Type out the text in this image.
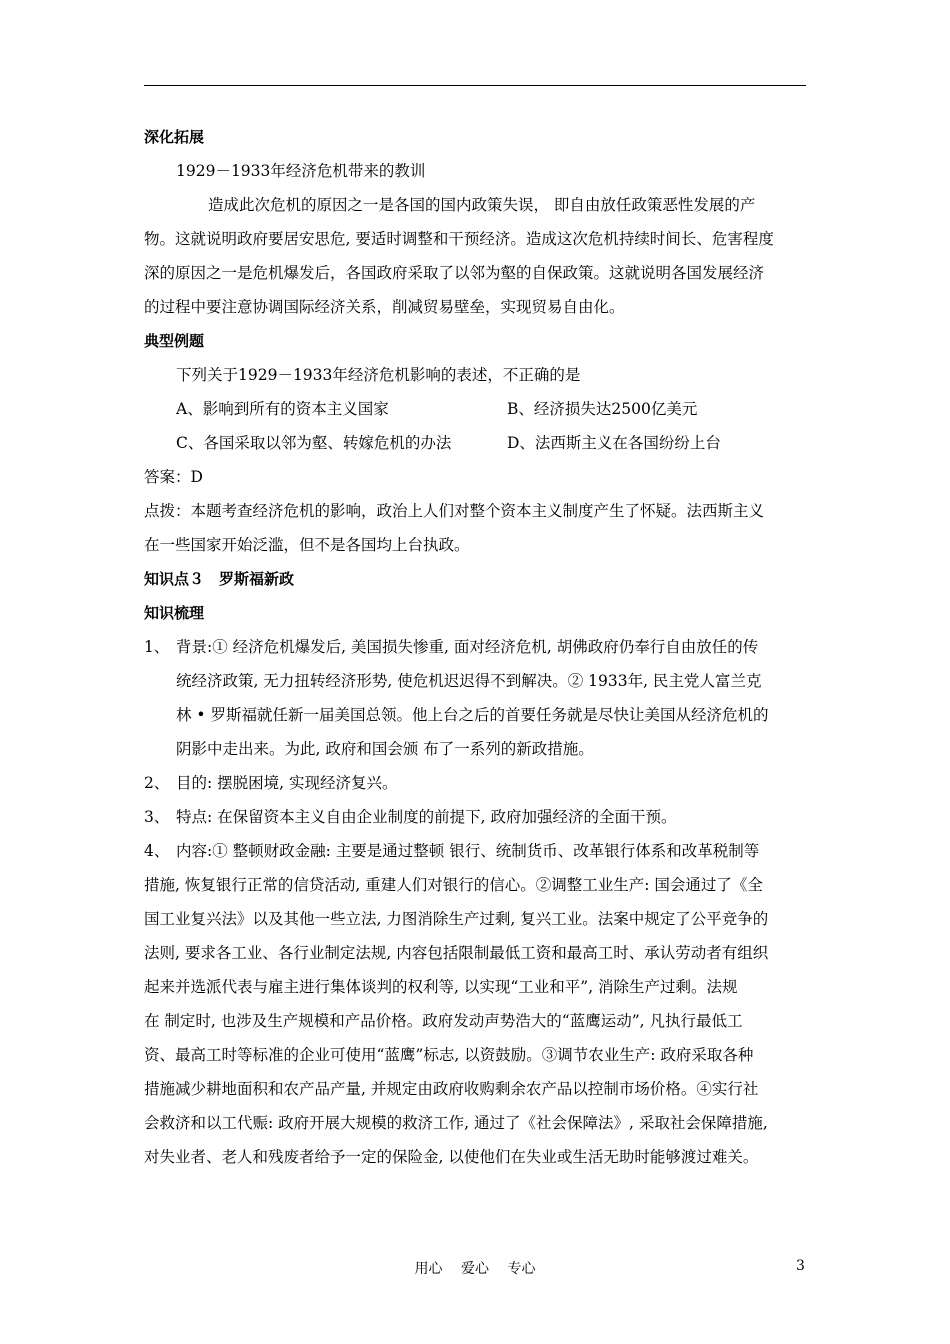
深化拓展
1929－1933年经济危机带来的教训
造成此次危机的原因之一是各国的国内政策失误， 即自由放任政策恶性发展的产
物。这就说明政府要居安思危, 要适时调整和干预经济。造成这次危机持续时间长、危害程度
深的原因之一是危机爆发后，各国政府采取了以邻为壑的自保政策。这就说明各国发展经济
的过程中要注意协调国际经济关系，削减贸易壁垒，实现贸易自由化。
典型例题
下列关于1929－1933年经济危机影响的表述，不正确的是
A、影响到所有的资本主义国家	B、经济损失达2500亿美元
C、各国采取以邻为壑、转嫁危机的办法	D、法西斯主义在各国纷纷上台
答案：D
点拨：本题考查经济危机的影响，政治上人们对整个资本主义制度产生了怀疑。法西斯主义
在一些国家开始泛滥，但不是各国均上台执政。
知识点３　罗斯福新政
知识梳理
1、 背景:① 经济危机爆发后, 美国损失惨重, 面对经济危机, 胡佛政府仍奉行自由放任的传
统经济政策, 无力扭转经济形势, 使危机迟迟得不到解决。② 1933年, 民主党人富兰克
林 • 罗斯福就任新一届美国总领。他上台之后的首要任务就是尽快让美国从经济危机的
阴影中走出来。为此, 政府和国会颁 布了一系列的新政措施。
2、 目的: 摆脱困境, 实现经济复兴。
3、 特点: 在保留资本主义自由企业制度的前提下, 政府加强经济的全面干预。
4、 内容:① 整顿财政金融: 主要是通过整顿 银行、统制货币、改革银行体系和改革税制等
措施, 恢复银行正常的信贷活动, 重建人们对银行的信心。②调整工业生产: 国会通过了《全
国工业复兴法》以及其他一些立法, 力图消除生产过剩, 复兴工业。法案中规定了公平竞争的
法则, 要求各工业、各行业制定法规, 内容包括限制最低工资和最高工时、承认劳动者有组织
起来并选派代表与雇主进行集体谈判的权利等, 以实现“工业和平”, 消除生产过剩。法规
在 制定时, 也涉及生产规模和产品价格。政府发动声势浩大的“蓝鹰运动”, 凡执行最低工
资、最高工时等标准的企业可使用“蓝鹰”标志, 以资鼓励。③调节农业生产: 政府采取各种
措施减少耕地面积和农产品产量, 并规定由政府收购剩余农产品以控制市场价格。④实行社
会救济和以工代赈: 政府开展大规模的救济工作, 通过了《社会保障法》, 采取社会保障措施,
对失业者、老人和残废者给予一定的保险金, 以使他们在失业或生活无助时能够渡过难关。
用心　 爱心　 专心	3
